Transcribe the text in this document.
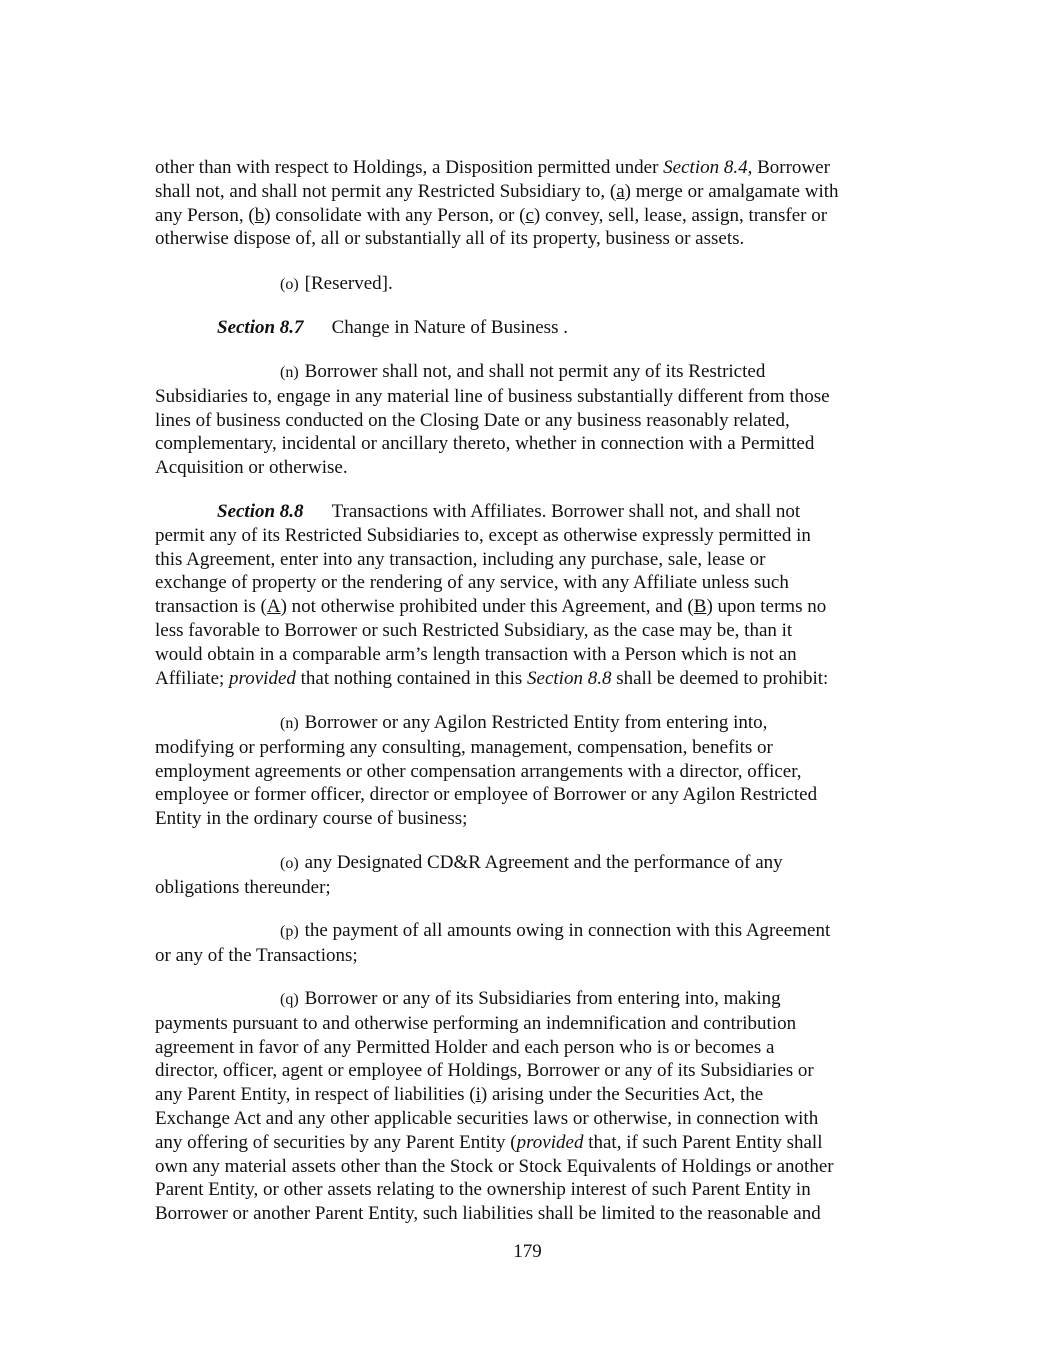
other than with respect to Holdings, a Disposition permitted under Section 8.4, Borrower
shall not, and shall not permit any Restricted Subsidiary to, (a) merge or amalgamate with
any Person, (b) consolidate with any Person, or (c) convey, sell, lease, assign, transfer or
otherwise dispose of, all or substantially all of its property, business or assets.

(o) [Reserved].

Section 8.7 Change in Nature of Business .

(n) Borrower shall not, and shall not permit any of its Restricted
Subsidiaries to, engage in any material line of business substantially different from those
lines of business conducted on the Closing Date or any business reasonably related,
complementary, incidental or ancillary thereto, whether in connection with a Permitted
Acquisition or otherwise.

Section 8.8 Transactions with Affiliates. Borrower shall not, and shall not
permit any of its Restricted Subsidiaries to, except as otherwise expressly permitted in
this Agreement, enter into any transaction, including any purchase, sale, lease or
exchange of property or the rendering of any service, with any Affiliate unless such
transaction is (A) not otherwise prohibited under this Agreement, and (B) upon terms no
less favorable to Borrower or such Restricted Subsidiary, as the case may be, than it
would obtain in a comparable arm’s length transaction with a Person which is not an
Affiliate; provided that nothing contained in this Section 8.8 shall be deemed to prohibit:

(n) Borrower or any Agilon Restricted Entity from entering into,
modifying or performing any consulting, management, compensation, benefits or
employment agreements or other compensation arrangements with a director, officer,
employee or former officer, director or employee of Borrower or any Agilon Restricted
Entity in the ordinary course of business;

(o) any Designated CD&R Agreement and the performance of any
obligations thereunder;

(p) the payment of all amounts owing in connection with this Agreement
or any of the Transactions;

(q) Borrower or any of its Subsidiaries from entering into, making
payments pursuant to and otherwise performing an indemnification and contribution
agreement in favor of any Permitted Holder and each person who is or becomes a
director, officer, agent or employee of Holdings, Borrower or any of its Subsidiaries or
any Parent Entity, in respect of liabilities (i) arising under the Securities Act, the
Exchange Act and any other applicable securities laws or otherwise, in connection with
any offering of securities by any Parent Entity (provided that, if such Parent Entity shall
own any material assets other than the Stock or Stock Equivalents of Holdings or another
Parent Entity, or other assets relating to the ownership interest of such Parent Entity in
Borrower or another Parent Entity, such liabilities shall be limited to the reasonable and

179
